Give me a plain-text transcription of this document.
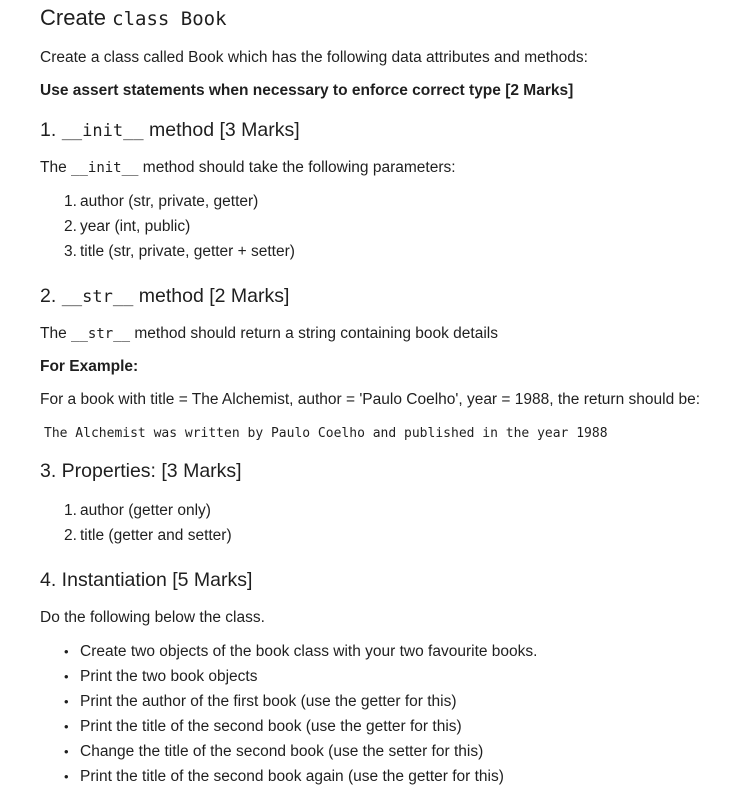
Create class Book

Create a class called Book which has the following data attributes and methods:

Use assert statements when necessary to enforce correct type [2 Marks]

1. __init__ method [3 Marks]

The __init__ method should take the following parameters:

1. author (str, private, getter)
2. year (int, public)
3. title (str, private, getter + setter)
2. __str__ method [2 Marks]

The __str__ method should return a string containing book details

For Example:

For a book with title = The Alchemist, author = 'Paulo Coelho', year = 1988, the return should be:

The Alchemist was written by Paulo Coelho and published in the year 1988

3. Properties: [3 Marks]
1. author (getter only)
2. title (getter and setter)
4. Instantiation [5 Marks]

Do the following below the class.

• Create two objects of the book class with your two favourite books.
• Print the two book objects
• Print the author of the first book (use the getter for this)
• Print the title of the second book (use the getter for this)
• Change the title of the second book (use the setter for this)
• Print the title of the second book again (use the getter for this)
